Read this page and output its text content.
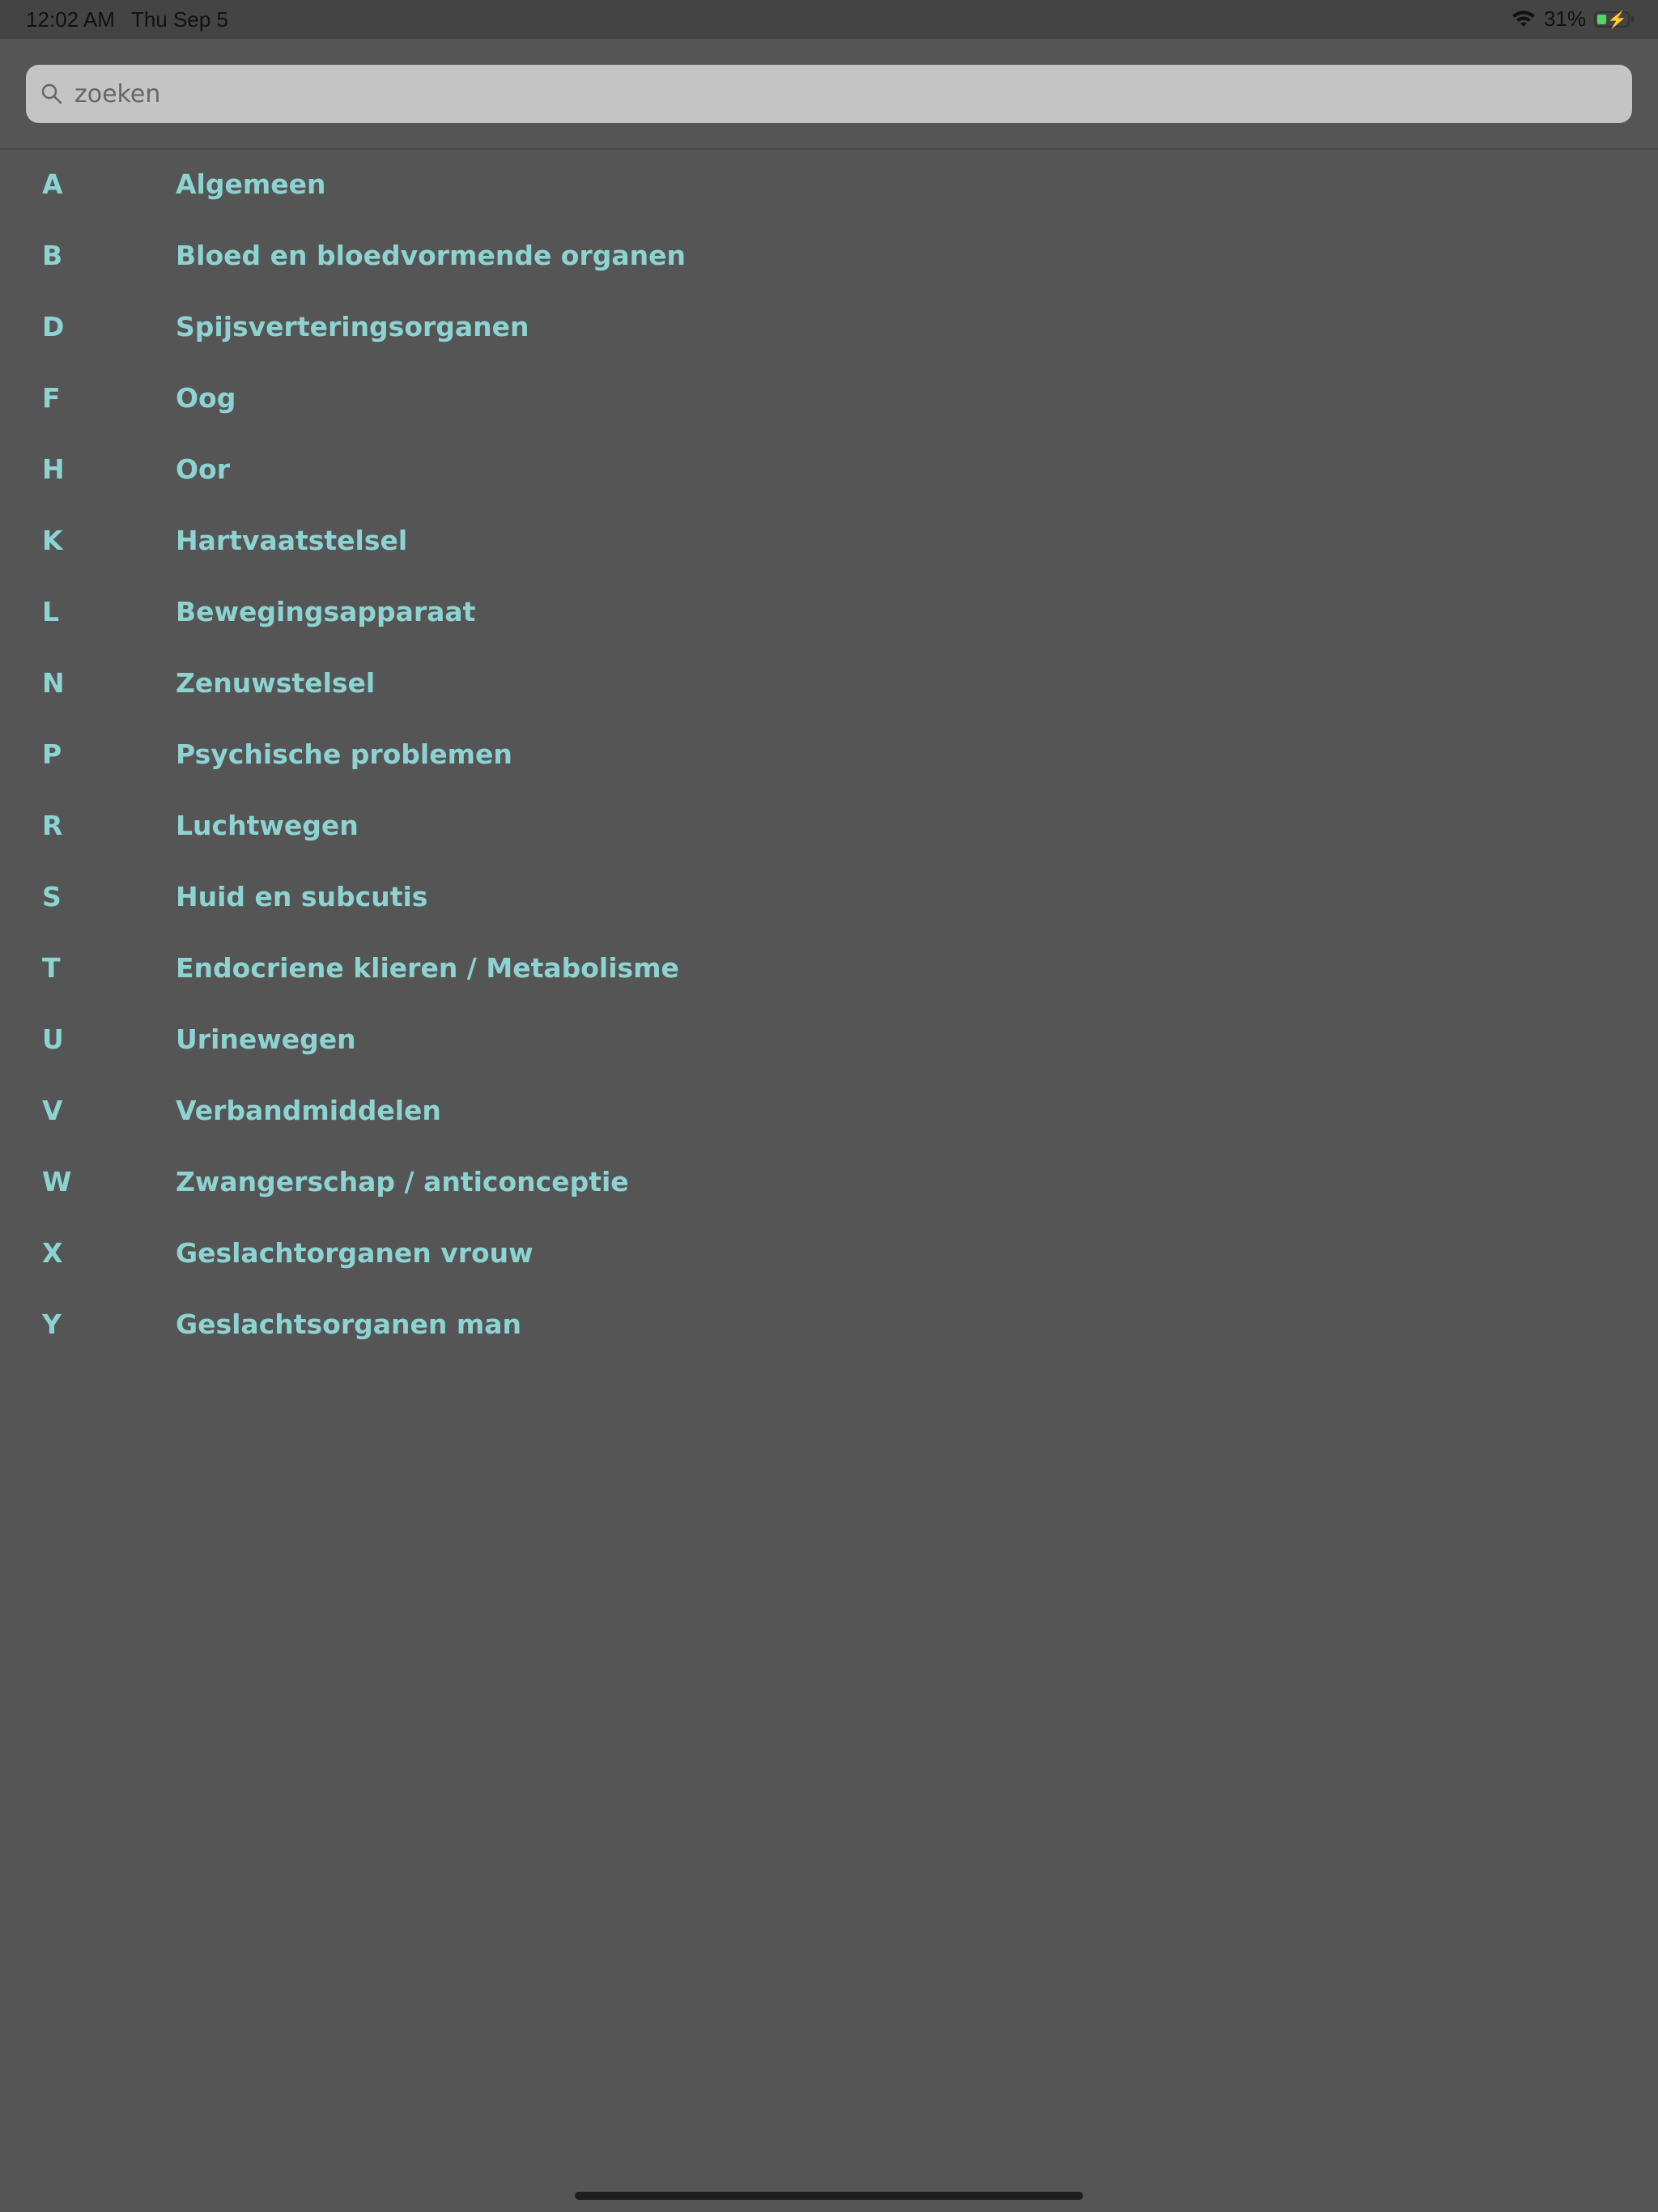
12:02 AM Thu Sep 5	31% ⚡
zoeken
A	Algemeen
B	Bloed en bloedvormende organen
D	Spijsverteringsorganen
F	Oog
H	Oor
K	Hartvaatstelsel
L	Bewegingsapparaat
N	Zenuwstelsel
P	Psychische problemen
R	Luchtwegen
S	Huid en subcutis
T	Endocriene klieren / Metabolisme
U	Urinewegen
V	Verbandmiddelen
W	Zwangerschap / anticonceptie
X	Geslachtorganen vrouw
Y	Geslachtsorganen man
